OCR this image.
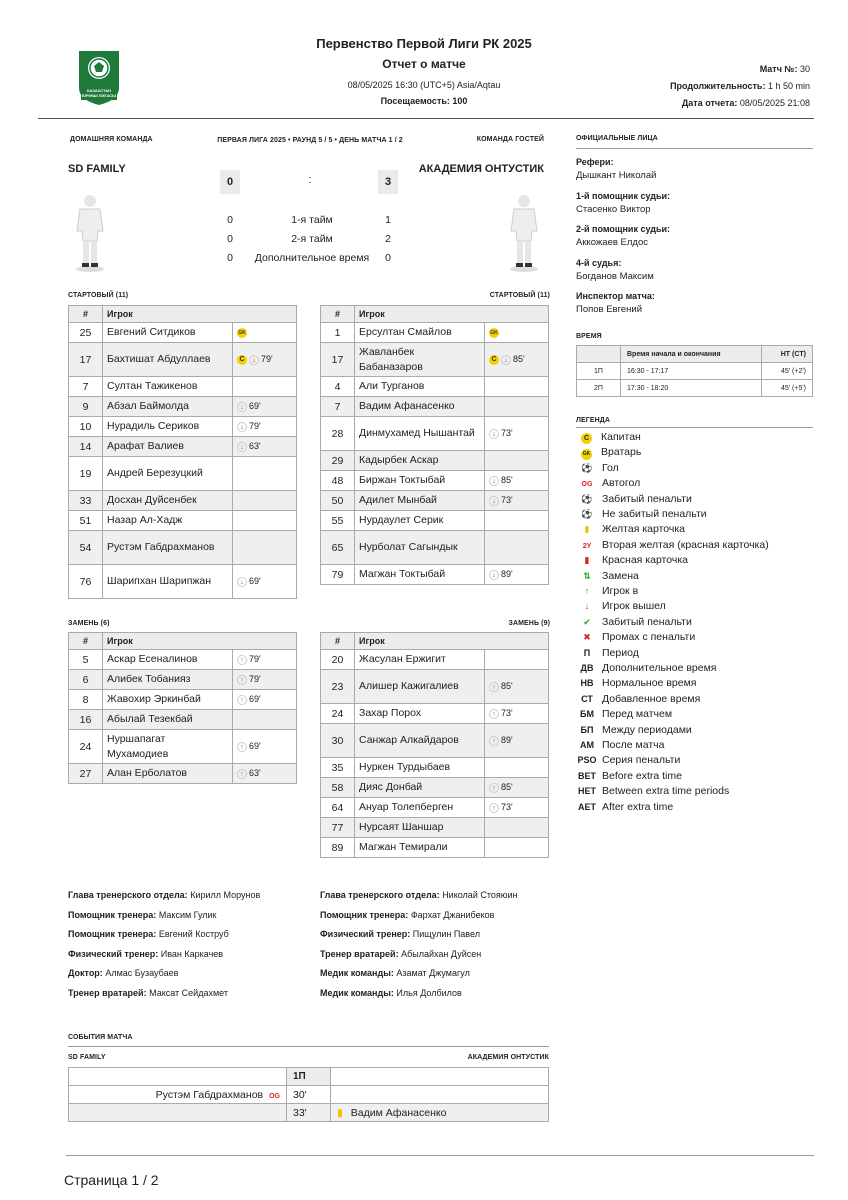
КАЗАХСТАН
БІРІНШІ ЛИГАСЫ
Первенство Первой Лиги РК 2025
Отчет о матче
08/05/2025 16:30 (UTC+5) Asia/Aqtau
Посещаемость: 100
Матч №: 30
Продолжительность: 1 h 50 min
Дата отчета: 08/05/2025 21:08
ДОМАШНЯЯ КОМАНДА	ПЕРВАЯ ЛИГА 2025 • РАУНД 5 / 5 • ДЕНЬ МАТЧА 1 / 2	КОМАНДА ГОСТЕЙ
SD FAMILY	АКАДЕМИЯ ОНТУСТИК
0	:	3
0	1-я тайм	1
0	2-я тайм	2
0	Дополнительное время	0
СТАРТОВЫЙ (11)	СТАРТОВЫЙ (11)
#	Игрок	
25	Евгений Ситдиков	GK
17	Бахтишат Абдуллаев	C ↓ 79'
7	Султан Тажикенов	
9	Абзал Баймолда	↓ 69'
10	Нурадиль Сериков	↓ 79'
14	Арафат Валиев	↓ 63'
19	Андрей Березуцкий	
33	Досхан Дуйсенбек	
51	Назар Ал-Хадж	
54	Рустэм Габдрахманов	
76	Шарипхан Шарипжан	↓ 69'
#	Игрок	
1	Ерсултан Смайлов	GK
17	Жавланбек Бабаназаров	C ↓ 85'
4	Али Турганов	
7	Вадим Афанасенко	
28	Динмухамед Нышантай	↓ 73'
29	Кадырбек Аскар	
48	Биржан Токтыбай	↓ 85'
50	Адилет Мынбай	↓ 73'
55	Нурдаулет Серик	
65	Нурболат Сагындык	
79	Магжан Токтыбай	↓ 89'
ЗАМЕНЬ (6)	ЗАМЕНЬ (9)
#	Игрок	
5	Аскар Есеналинов	↑ 79'
6	Алибек Тобанияз	↑ 79'
8	Жавохир Эркинбай	↑ 69'
16	Абылай Тезекбай	
24	Нуршапагат Мухамодиев	↑ 69'
27	Алан Ерболатов	↑ 63'
#	Игрок	
20	Жасулан Ержигит	
23	Алишер Кажигалиев	↑ 85'
24	Захар Порох	↑ 73'
30	Санжар Алкайдаров	↑ 89'
35	Нуркен Турдыбаев	
58	Дияс Донбай	↑ 85'
64	Ануар Толепберген	↑ 73'
77	Нурсаят Шаншар	
89	Магжан Темирали	
Глава тренерского отдела: Кирилл Морунов
Помощник тренера: Максим Гулик
Помощник тренера: Евгений Коструб
Физический тренер: Иван Каркачев
Доктор: Алмас Бузаубаев
Тренер вратарей: Максат Сейдахмет
Глава тренерского отдела: Николай Стояюин
Помощник тренера: Фархат Джанибеков
Физический тренер: Пищулин Павел
Тренер вратарей: Абылайхан Дуйсен
Медик команды: Азамат Джумагул
Медик команды: Илья Долбилов
ОФИЦИАЛЬНЫЕ ЛИЦА
Рефери:
Дышкант Николай
1-й помощник судьи:
Стасенко Виктор
2-й помощник судьи:
Аккожаев Елдос
4-й судья:
Богданов Максим
Инспектор матча:
Попов Евгений
ВРЕМЯ
	Время начала и окончания	HT (CT)
1П	16:30 - 17:17	45' (+2')
2П	17:30 - 18:20	45' (+5')
ЛЕГЕНДА
C Капитан
GK Вратарь
⚽ Гол
OG Автогол
⚽ Забитый пенальти
⚽ Не забитый пенальти
▮ Желтая карточка
2Y Вторая желтая (красная карточка)
▮ Красная карточка
⇅ Замена
↑ Игрок в
↓ Игрок вышел
✔ Забитый пенальти
✖ Промах с пенальти
П Период
ДВ Дополнительное время
НВ Нормальное время
СТ Добавленное время
БМ Перед матчем
БП Между периодами
АМ После матча
PSO Серия пенальти
BET Before extra time
HET Between extra time periods
AET After extra time
СОБЫТИЯ МАТЧА
SD FAMILY	АКАДЕМИЯ ОНТУСТИК
	1П	
Рустэм Габдрахманов OG	30'	
	33'	▮ Вадим Афанасенко
Страница 1 / 2
